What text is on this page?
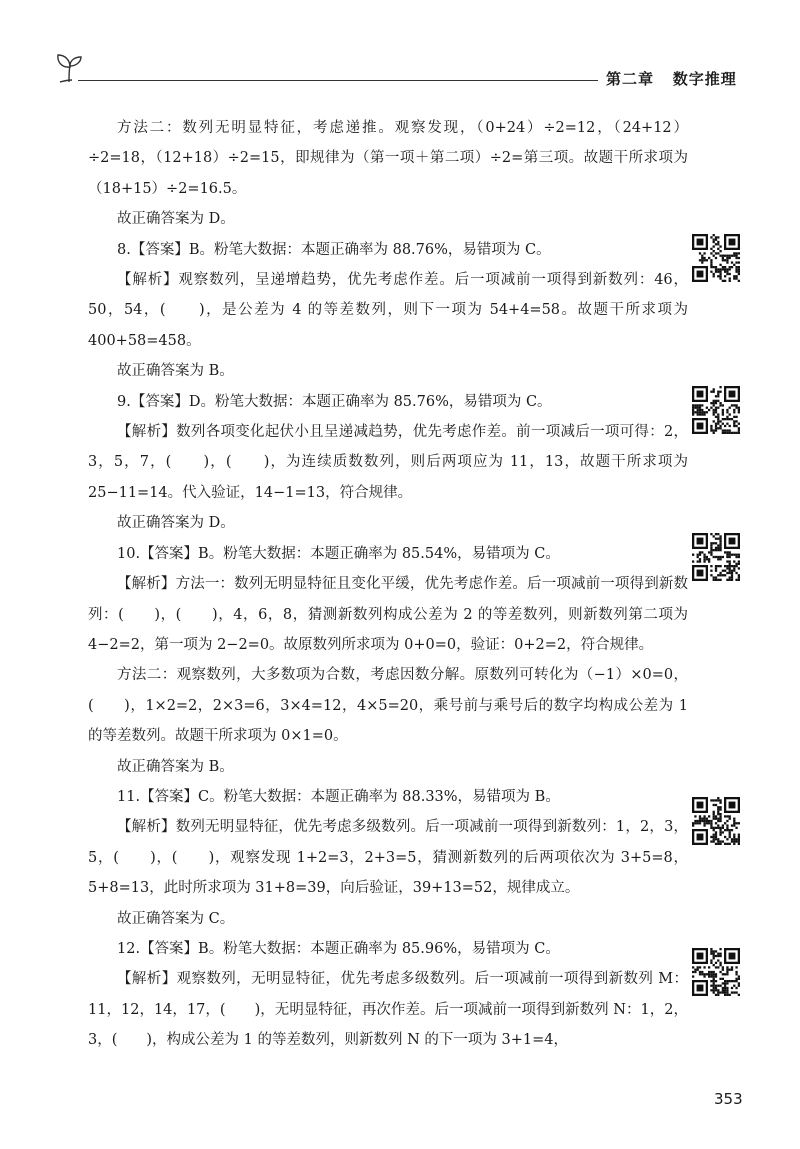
第二章 数字推理

方法二：数列无明显特征，考虑递推。观察发现，（0+24）÷2=12，（24+12）÷2=18，（12+18）÷2=15，即规律为（第一项＋第二项）÷2=第三项。故题干所求项为（18+15）÷2=16.5。

故正确答案为 D。

8.【答案】B。粉笔大数据：本题正确率为 88.76%，易错项为 C。

【解析】观察数列，呈递增趋势，优先考虑作差。后一项减前一项得到新数列：46，50，54，(　　)，是公差为 4 的等差数列，则下一项为 54+4=58。故题干所求项为 400+58=458。

故正确答案为 B。

9.【答案】D。粉笔大数据：本题正确率为 85.76%，易错项为 C。

【解析】数列各项变化起伏小且呈递减趋势，优先考虑作差。前一项减后一项可得：2，3，5，7，(　　)，(　　)，为连续质数数列，则后两项应为 11，13，故题干所求项为 25−11=14。代入验证，14−1=13，符合规律。

故正确答案为 D。

10.【答案】B。粉笔大数据：本题正确率为 85.54%，易错项为 C。

【解析】方法一：数列无明显特征且变化平缓，优先考虑作差。后一项减前一项得到新数列：(　　)，(　　)，4，6，8，猜测新数列构成公差为 2 的等差数列，则新数列第二项为 4−2=2，第一项为 2−2=0。故原数列所求项为 0+0=0，验证：0+2=2，符合规律。

方法二：观察数列，大多数项为合数，考虑因数分解。原数列可转化为（−1）×0=0，(　　)，1×2=2，2×3=6，3×4=12，4×5=20，乘号前与乘号后的数字均构成公差为 1 的等差数列。故题干所求项为 0×1=0。

故正确答案为 B。

11.【答案】C。粉笔大数据：本题正确率为 88.33%，易错项为 B。

【解析】数列无明显特征，优先考虑多级数列。后一项减前一项得到新数列：1，2，3，5，(　　)，(　　)，观察发现 1+2=3，2+3=5，猜测新数列的后两项依次为 3+5=8，5+8=13，此时所求项为 31+8=39，向后验证，39+13=52，规律成立。

故正确答案为 C。

12.【答案】B。粉笔大数据：本题正确率为 85.96%，易错项为 C。

【解析】观察数列，无明显特征，优先考虑多级数列。后一项减前一项得到新数列 M：11，12，14，17，(　　)，无明显特征，再次作差。后一项减前一项得到新数列 N：1，2，3，(　　)，构成公差为 1 的等差数列，则新数列 N 的下一项为 3+1=4，

353
